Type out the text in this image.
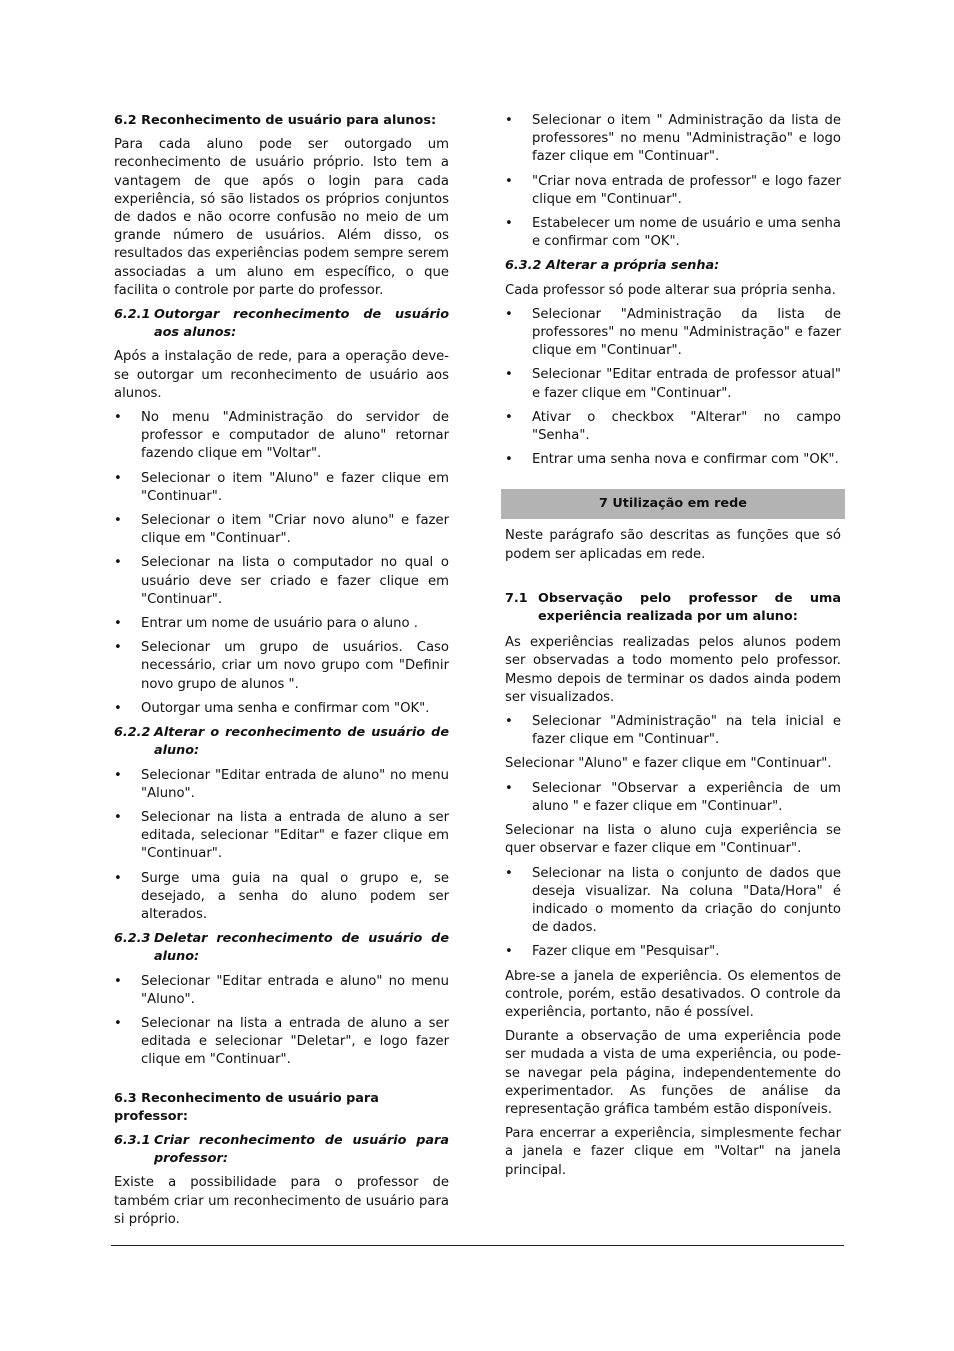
6.2 Reconhecimento de usuário para alunos:
Para cada aluno pode ser outorgado um reconhecimento de usuário próprio. Isto tem a vantagem de que após o login para cada experiência, só são listados os próprios conjuntos de dados e não ocorre confusão no meio de um grande número de usuários. Além disso, os resultados das experiências podem sempre serem associadas a um aluno em específico, o que facilita o controle por parte do professor.
6.2.1 Outorgar reconhecimento de usuário aos alunos:
Após a instalação de rede, para a operação deve-se outorgar um reconhecimento de usuário aos alunos.
• No menu "Administração do servidor de professor e computador de aluno" retornar fazendo clique em "Voltar".
• Selecionar o item "Aluno" e fazer clique em "Continuar".
• Selecionar o item "Criar novo aluno" e fazer clique em "Continuar".
• Selecionar na lista o computador no qual o usuário deve ser criado e fazer clique em "Continuar".
• Entrar um nome de usuário para o aluno .
• Selecionar um grupo de usuários. Caso necessário, criar um novo grupo com "Definir novo grupo de alunos ".
• Outorgar uma senha e confirmar com "OK".
6.2.2 Alterar o reconhecimento de usuário de aluno:
• Selecionar "Editar entrada de aluno" no menu "Aluno".
• Selecionar na lista a entrada de aluno a ser editada, selecionar "Editar" e fazer clique em "Continuar".
• Surge uma guia na qual o grupo e, se desejado, a senha do aluno podem ser alterados.
6.2.3 Deletar reconhecimento de usuário de aluno:
• Selecionar "Editar entrada e aluno" no menu "Aluno".
• Selecionar na lista a entrada de aluno a ser editada e selecionar "Deletar", e logo fazer clique em "Continuar".
6.3 Reconhecimento de usuário para professor:
6.3.1 Criar reconhecimento de usuário para professor:
Existe a possibilidade para o professor de também criar um reconhecimento de usuário para si próprio.
• Selecionar o item " Administração da lista de professores" no menu "Administração" e logo fazer clique em "Continuar".
• "Criar nova entrada de professor" e logo fazer clique em "Continuar".
• Estabelecer um nome de usuário e uma senha e confirmar com "OK".
6.3.2 Alterar a própria senha:
Cada professor só pode alterar sua própria senha.
• Selecionar "Administração da lista de professores" no menu "Administração" e fazer clique em "Continuar".
• Selecionar "Editar entrada de professor atual" e fazer clique em "Continuar".
• Ativar o checkbox "Alterar" no campo "Senha".
• Entrar uma senha nova e confirmar com "OK".
7 Utilização em rede
Neste parágrafo são descritas as funções que só podem ser aplicadas em rede.
7.1 Observação pelo professor de uma experiência realizada por um aluno:
As experiências realizadas pelos alunos podem ser observadas a todo momento pelo professor. Mesmo depois de terminar os dados ainda podem ser visualizados.
• Selecionar "Administração" na tela inicial e fazer clique em "Continuar".
Selecionar "Aluno" e fazer clique em "Continuar".
• Selecionar "Observar a experiência de um aluno " e fazer clique em "Continuar".
Selecionar na lista o aluno cuja experiência se quer observar e fazer clique em "Continuar".
• Selecionar na lista o conjunto de dados que deseja visualizar. Na coluna "Data/Hora" é indicado o momento da criação do conjunto de dados.
• Fazer clique em "Pesquisar".
Abre-se a janela de experiência. Os elementos de controle, porém, estão desativados. O controle da experiência, portanto, não é possível.
Durante a observação de uma experiência pode ser mudada a vista de uma experiência, ou pode-se navegar pela página, independentemente do experimentador. As funções de análise da representação gráfica também estão disponíveis.
Para encerrar a experiência, simplesmente fechar a janela e fazer clique em "Voltar" na janela principal.
